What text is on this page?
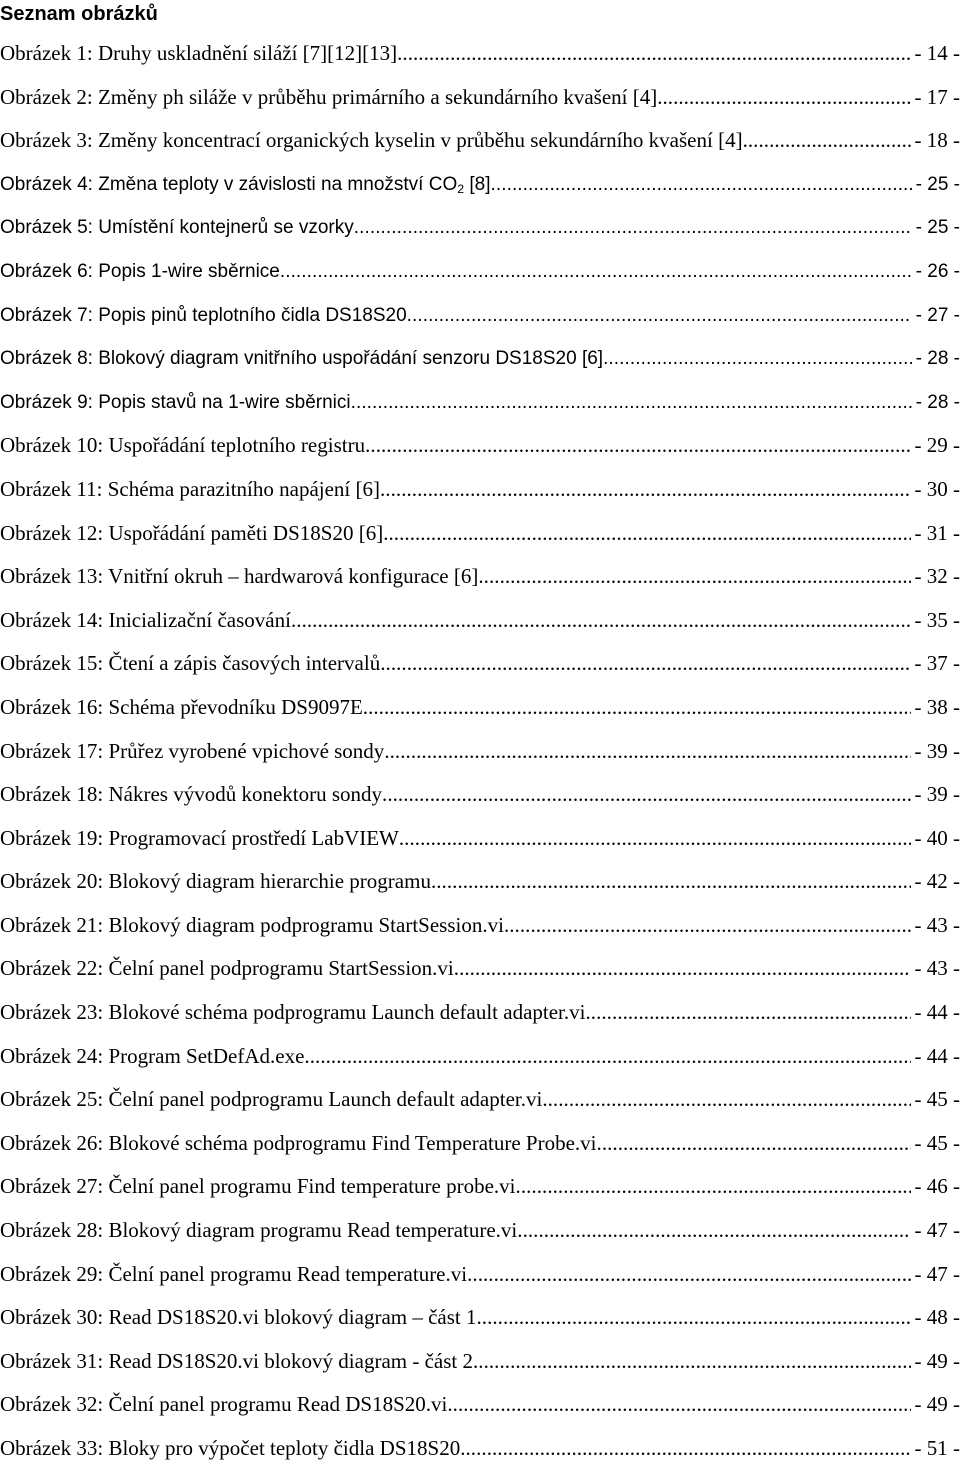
Seznam obrázků
Obrázek 1: Druhy uskladnění siláží [7][12][13]. . . .	- 14 -
Obrázek 2: Změny ph siláže v průběhu primárního a sekundárního kvašení [4]. . . .	- 17 -
Obrázek 3: Změny koncentrací organických kyselin v průběhu sekundárního kvašení [4] . . .	- 18 -
Obrázek 4: Změna teploty v závislosti na množství $CO_2$ [8] . . .	- 25 -
Obrázek 5: Umístění kontejnerů se vzorky . . .	- 25 -
Obrázek 6: Popis 1-wire sběrnice . . .	- 26 -
Obrázek 7: Popis pinů teplotního čidla DS18S20 . . .	- 27 -
Obrázek 8: Blokový diagram vnitřního uspořádání senzoru DS18S20 [6] . . .	- 28 -
Obrázek 9: Popis stavů na 1-wire sběrnici . . .	- 28 -
Obrázek 10: Uspořádání teplotního registru . . .	- 29 -
Obrázek 11: Schéma parazitního napájení [6] . . .	- 30 -
Obrázek 12: Uspořádání paměti DS18S20 [6] . . .	- 31 -
Obrázek 13: Vnitřní okruh – hardwarová konfigurace [6] . . .	- 32 -
Obrázek 14: Inicializační časování . . .	- 35 -
Obrázek 15: Čtení a zápis časových intervalů . . .	- 37 -
Obrázek 16: Schéma převodníku DS9097E . . .	- 38 -
Obrázek 17: Průřez vyrobené vpichové sondy . . .	- 39 -
Obrázek 18: Nákres vývodů konektoru sondy . . .	- 39 -
Obrázek 19: Programovací prostředí LabVIEW . . .	- 40 -
Obrázek 20: Blokový diagram hierarchie programu . . .	- 42 -
Obrázek 21: Blokový diagram podprogramu StartSession.vi . . .	- 43 -
Obrázek 22: Čelní panel podprogramu StartSession.vi . . .	- 43 -
Obrázek 23: Blokové schéma podprogramu Launch default adapter.vi . . .	- 44 -
Obrázek 24: Program SetDefAd.exe . . .	- 44 -
Obrázek 25: Čelní panel podprogramu Launch default adapter.vi . . .	- 45 -
Obrázek 26: Blokové schéma podprogramu Find Temperature Probe.vi . . .	- 45 -
Obrázek 27: Čelní panel programu Find temperature probe.vi . . .	- 46 -
Obrázek 28: Blokový diagram programu Read temperature.vi . . .	- 47 -
Obrázek 29: Čelní panel programu Read temperature.vi . . .	- 47 -
Obrázek 30: Read DS18S20.vi blokový diagram – část 1. . . .	- 48 -
Obrázek 31: Read DS18S20.vi blokový diagram - část 2. . . .	- 49 -
Obrázek 32: Čelní panel programu Read DS18S20.vi . . .	- 49 -
Obrázek 33: Bloky pro výpočet teploty čidla DS18S20 . . .	- 51 -
